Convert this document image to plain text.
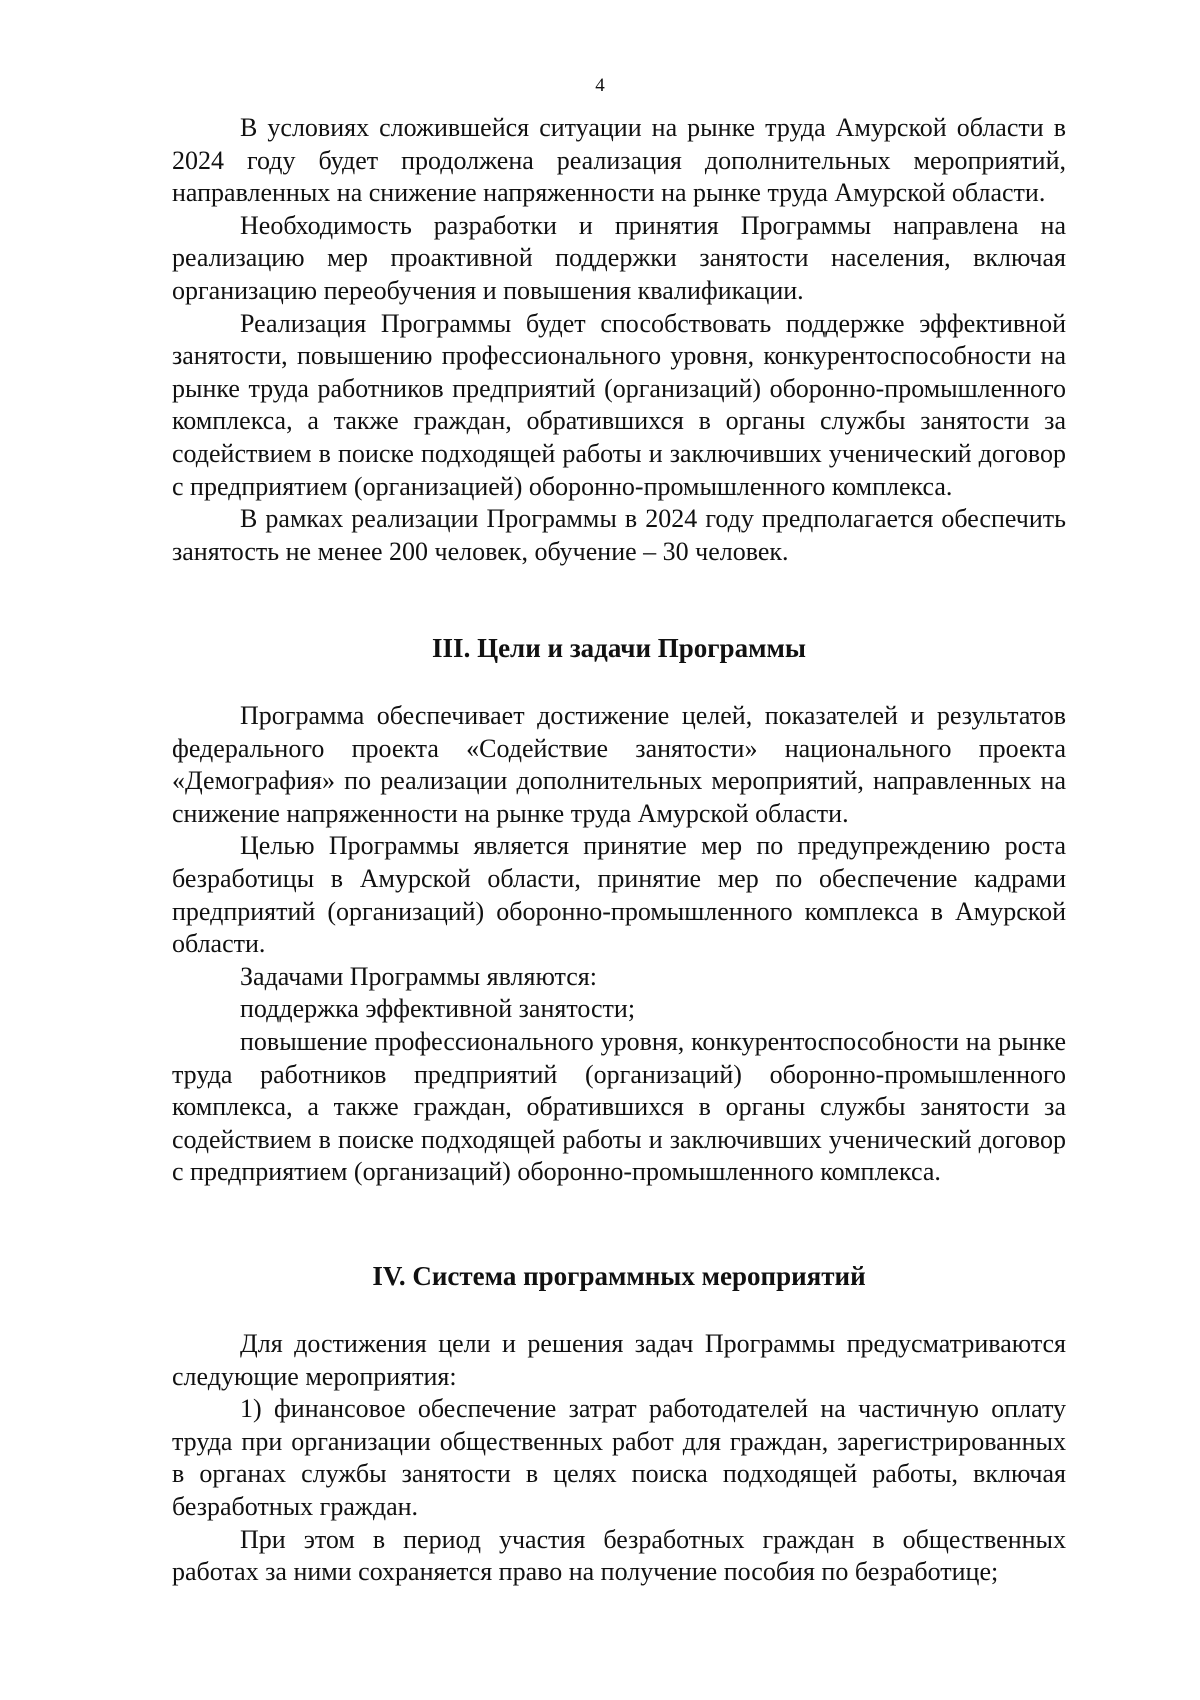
4

В условиях сложившейся ситуации на рынке труда Амурской области в 2024 году будет продолжена реализация дополнительных мероприятий, направленных на снижение напряженности на рынке труда Амурской области.

Необходимость разработки и принятия Программы направлена на реализацию мер проактивной поддержки занятости населения, включая организацию переобучения и повышения квалификации.

Реализация Программы будет способствовать поддержке эффективной занятости, повышению профессионального уровня, конкурентоспособности на рынке труда работников предприятий (организаций) оборонно-промышленного комплекса, а также граждан, обратившихся в органы службы занятости за содействием в поиске подходящей работы и заключивших ученический договор с предприятием (организацией) оборонно-промышленного комплекса.

В рамках реализации Программы в 2024 году предполагается обеспечить занятость не менее 200 человек, обучение – 30 человек.

III. Цели и задачи Программы

Программа обеспечивает достижение целей, показателей и результатов федерального проекта «Содействие занятости» национального проекта «Демография» по реализации дополнительных мероприятий, направленных на снижение напряженности на рынке труда Амурской области.

Целью Программы является принятие мер по предупреждению роста безработицы в Амурской области, принятие мер по обеспечение кадрами предприятий (организаций) оборонно-промышленного комплекса в Амурской области.

Задачами Программы являются:

поддержка эффективной занятости;

повышение профессионального уровня, конкурентоспособности на рынке труда работников предприятий (организаций) оборонно-промышленного комплекса, а также граждан, обратившихся в органы службы занятости за содействием в поиске подходящей работы и заключивших ученический договор с предприятием (организаций) оборонно-промышленного комплекса.

IV. Система программных мероприятий

Для достижения цели и решения задач Программы предусматриваются следующие мероприятия:

1) финансовое обеспечение затрат работодателей на частичную оплату труда при организации общественных работ для граждан, зарегистрированных в органах службы занятости в целях поиска подходящей работы, включая безработных граждан.

При этом в период участия безработных граждан в общественных работах за ними сохраняется право на получение пособия по безработице;
